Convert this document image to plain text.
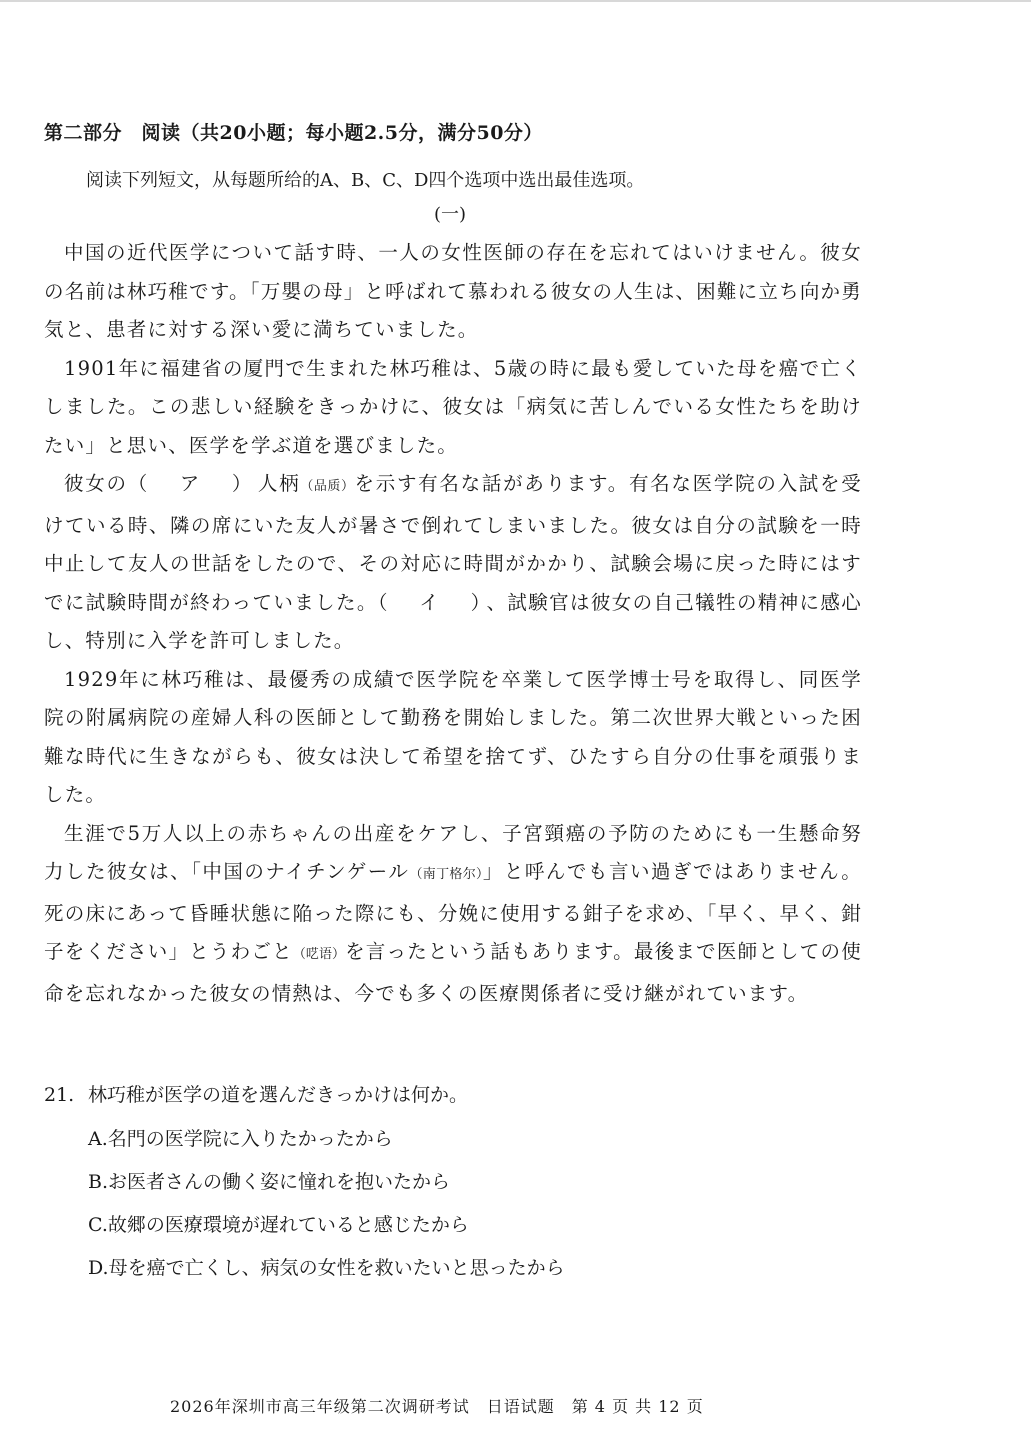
第二部分　阅读（共20小题；每小题2.5分，满分50分）
阅读下列短文，从每题所给的A、B、C、D四个选项中选出最佳选项。
(一)

中国の近代医学について話す時、一人の女性医師の存在を忘れてはいけません。彼女の名前は林巧稚です。「万嬰の母」と呼ばれて慕われる彼女の人生は、困難に立ち向か勇気と、患者に対する深い愛に満ちていました。

1901年に福建省の厦門で生まれた林巧稚は、5歳の時に最も愛していた母を癌で亡くしました。この悲しい経験をきっかけに、彼女は「病気に苦しんでいる女性たちを助けたい」と思い、医学を学ぶ道を選びました。

彼女の（　ア　）人柄（品质）を示す有名な話があります。有名な医学院の入試を受けている時、隣の席にいた友人が暑さで倒れてしまいました。彼女は自分の試験を一時中止して友人の世話をしたので、その対応に時間がかかり、試験会場に戻った時にはすでに試験時間が終わっていました。（　イ　）、試験官は彼女の自己犠牲の精神に感心し、特別に入学を許可しました。

1929年に林巧稚は、最優秀の成績で医学院を卒業して医学博士号を取得し、同医学院の附属病院の産婦人科の医師として勤務を開始しました。第二次世界大戦といった困難な時代に生きながらも、彼女は決して希望を捨てず、ひたすら自分の仕事を頑張りました。

生涯で5万人以上の赤ちゃんの出産をケアし、子宮頸癌の予防のためにも一生懸命努力した彼女は、「中国のナイチンゲール（南丁格尔）」と呼んでも言い過ぎではありません。死の床にあって昏睡状態に陥った際にも、分娩に使用する鉗子を求め、「早く、早く、鉗子をください」とうわごと（呓语）を言ったという話もあります。最後まで医師としての使命を忘れなかった彼女の情熱は、今でも多くの医療関係者に受け継がれています。

21. 林巧稚が医学の道を選んだきっかけは何か。
A.名門の医学院に入りたかったから
B.お医者さんの働く姿に憧れを抱いたから
C.故郷の医療環境が遅れていると感じたから
D.母を癌で亡くし、病気の女性を救いたいと思ったから
2026年深圳市高三年级第二次调研考试　日语试题　第 4 页 共 12 页
